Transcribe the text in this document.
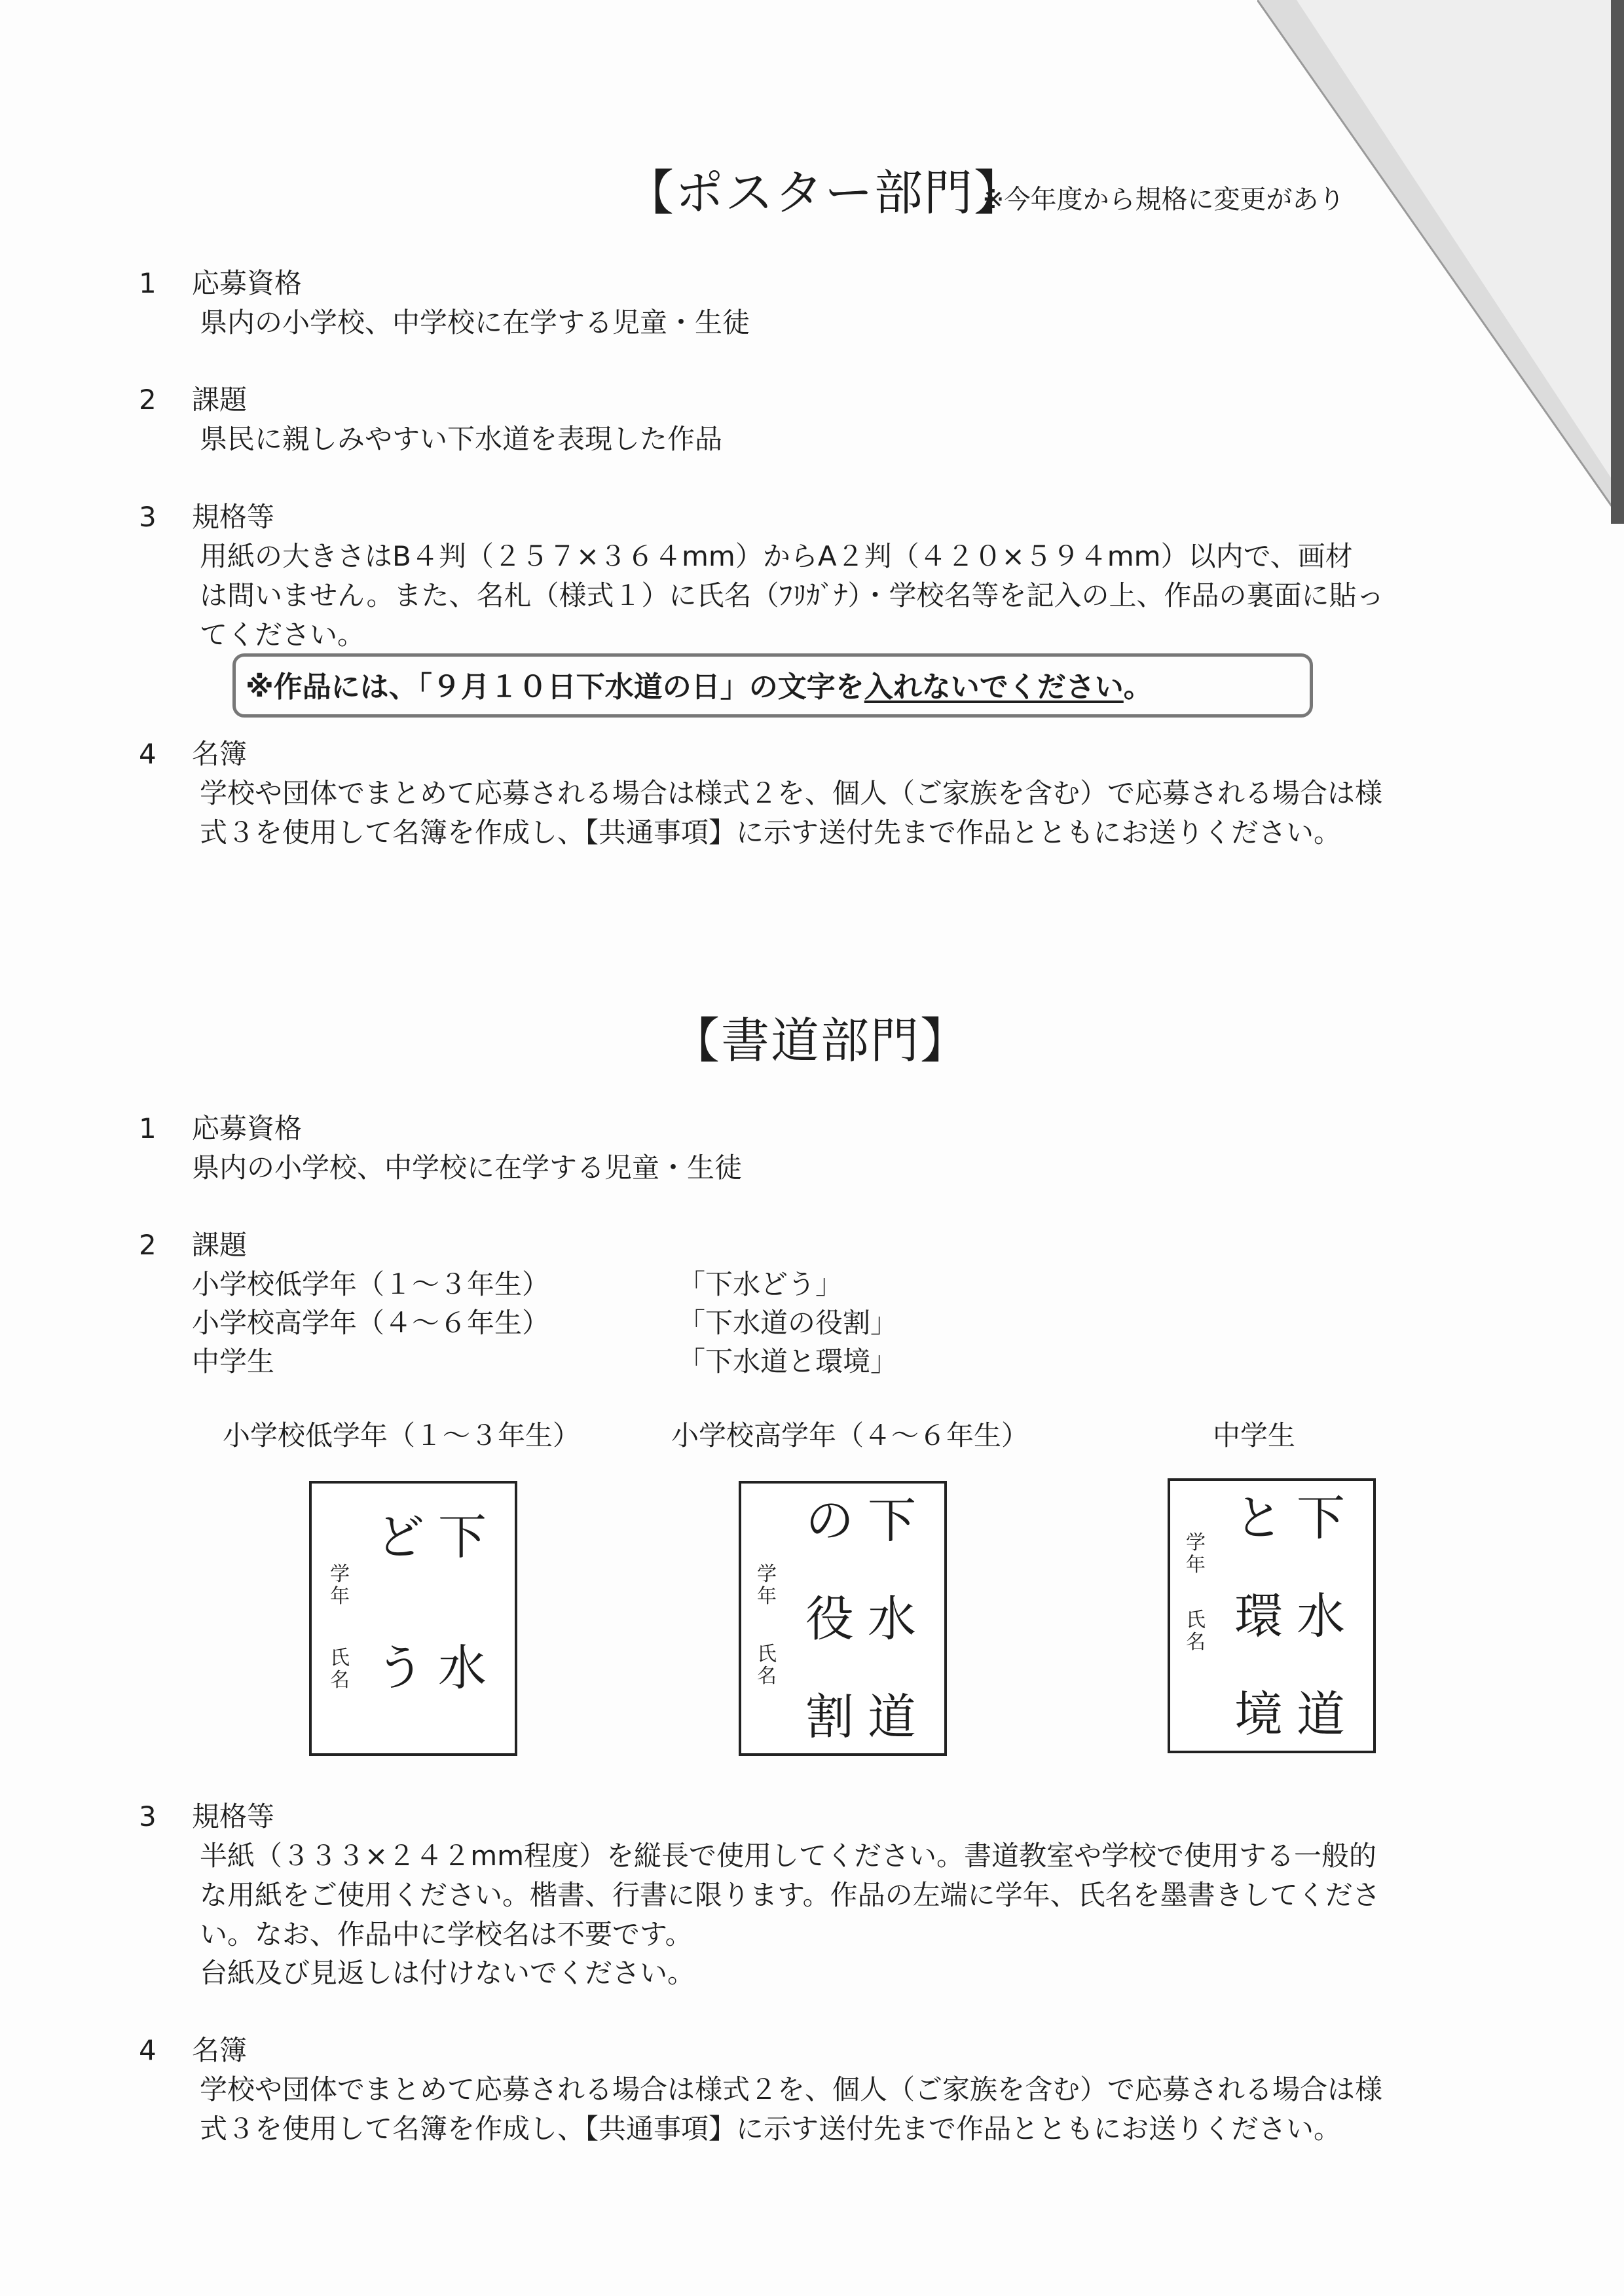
【ポスター部門】
※今年度から規格に変更があり
1 応募資格
県内の小学校、中学校に在学する児童・生徒
2 課題
県民に親しみやすい下水道を表現した作品
3 規格等
用紙の大きさはB４判（２５７×３６４mm）からA２判（４２０×５９４mm）以内で、画材
は問いません。また、名札（様式１）に氏名（ﾌﾘｶﾞﾅ）・学校名等を記入の上、作品の裏面に貼っ
てください。
※作品には、「９月１０日下水道の日」の文字を入れないでください。
4 名簿
学校や団体でまとめて応募される場合は様式２を、個人（ご家族を含む）で応募される場合は様
式３を使用して名簿を作成し、【共通事項】に示す送付先まで作品とともにお送りください。
【書道部門】
1 応募資格
県内の小学校、中学校に在学する児童・生徒
2 課題
小学校低学年（１～３年生）	「下水どう」
小学校高学年（４～６年生）	「下水道の役割」
中学生	「下水道と環境」
小学校低学年（１～３年生）	小学校高学年（４～６年生）	中学生
下
水
ど
う
学年
氏名
下
水
道
の
役
割
学年
氏名
下
水
道
と
環
境
学年
氏名
3 規格等
半紙（３３３×２４２mm程度）を縦長で使用してください。書道教室や学校で使用する一般的
な用紙をご使用ください。楷書、行書に限ります。作品の左端に学年、氏名を墨書きしてくださ
い。なお、作品中に学校名は不要です。
台紙及び見返しは付けないでください。
4 名簿
学校や団体でまとめて応募される場合は様式２を、個人（ご家族を含む）で応募される場合は様
式３を使用して名簿を作成し、【共通事項】に示す送付先まで作品とともにお送りください。
